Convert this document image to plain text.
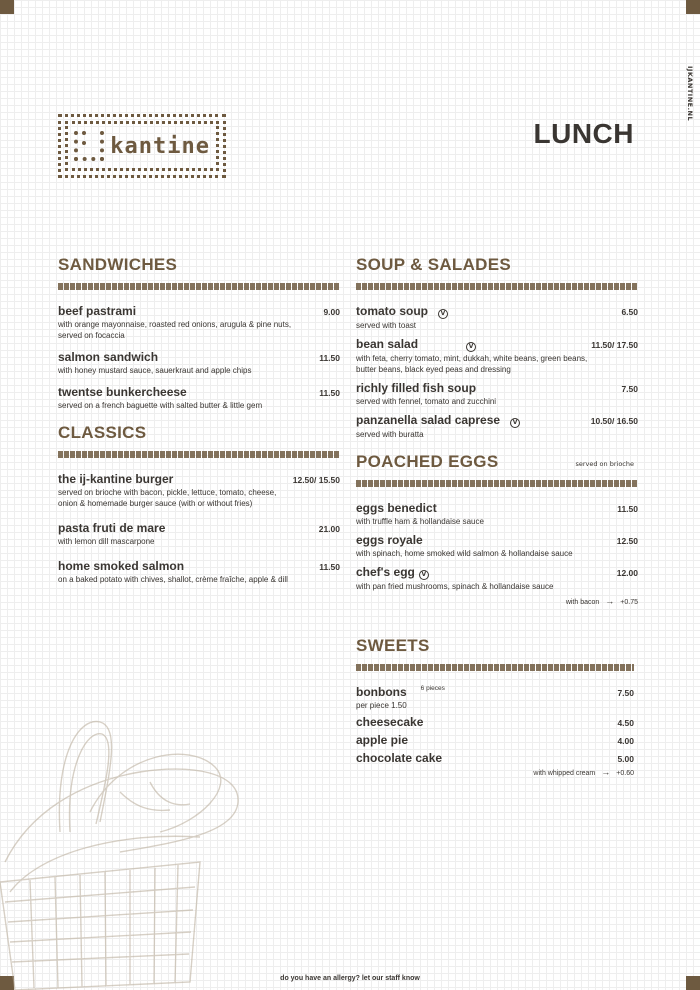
IJKANTINE.NL
kantine	LUNCH
SANDWICHES
beef pastrami	9.00
with orange mayonnaise, roasted red onions, arugula & pine nuts, served on focaccia
salmon sandwich	11.50
with honey mustard sauce, sauerkraut and apple chips
twentse bunkercheese	11.50
served on a french baguette with salted butter & little gem
CLASSICS
the ij-kantine burger	12.50/ 15.50
served on brioche with bacon, pickle, lettuce, tomato, cheese, onion & homemade burger sauce (with or without fries)
pasta fruti de mare	21.00
with lemon dill mascarpone
home smoked salmon	11.50
on a baked potato with chives, shallot, crème fraîche, apple & dill
SOUP & SALADES
tomato soup	V	6.50
served with toast
bean salad	V	11.50/ 17.50
with feta, cherry tomato, mint, dukkah, white beans, green beans, butter beans, black eyed peas and dressing
richly filled fish soup	7.50
served with fennel, tomato and zucchini
panzanella salad caprese	V	10.50/ 16.50
served with buratta
POACHED EGGS	served on brioche
eggs benedict	11.50
with truffle ham & hollandaise sauce
eggs royale	12.50
with spinach, home smoked wild salmon & hollandaise sauce
chef's egg	V	12.00
with pan fried mushrooms, spinach & hollandaise sauce
with bacon → +0.75
SWEETS
bonbons 6 pieces	7.50
per piece 1.50
cheesecake	4.50
apple pie	4.00
chocolate cake	5.00
with whipped cream → +0.60
do you have an allergy? let our staff know
